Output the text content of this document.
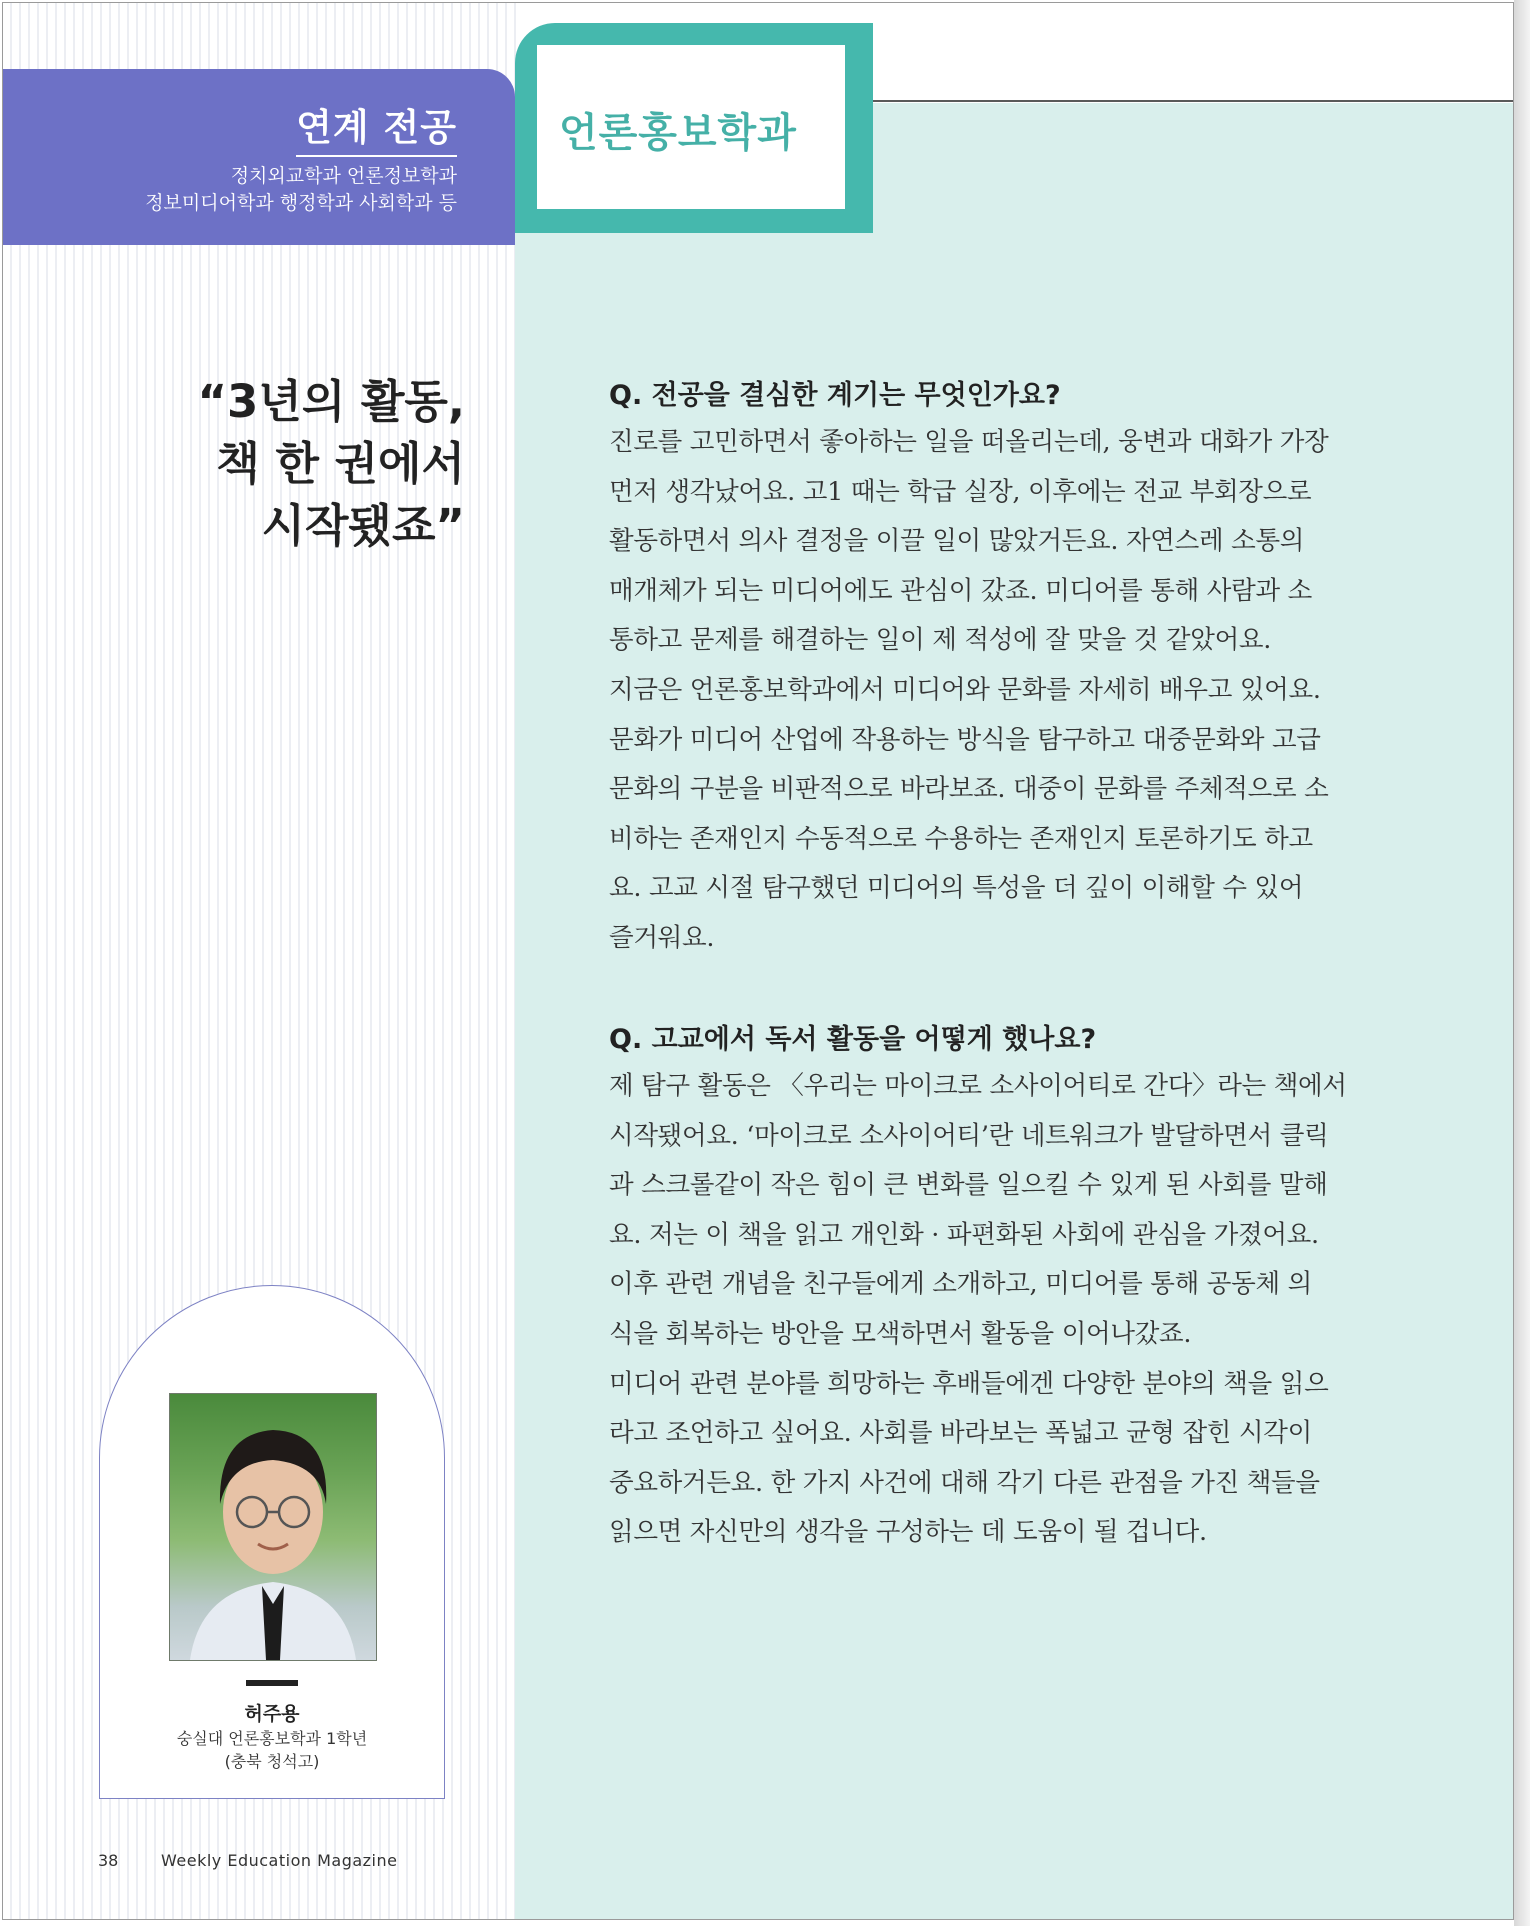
연계 전공
정치외교학과 언론정보학과
정보미디어학과 행정학과 사회학과 등
언론홍보학과
“3년의 활동,
책 한 권에서
시작됐죠”
허주용
숭실대 언론홍보학과 1학년
(충북 청석고)
38	Weekly Education Magazine
Q. 전공을 결심한 계기는 무엇인가요?

진로를 고민하면서 좋아하는 일을 떠올리는데, 웅변과 대화가 가장

먼저 생각났어요. 고1 때는 학급 실장, 이후에는 전교 부회장으로

활동하면서 의사 결정을 이끌 일이 많았거든요. 자연스레 소통의

매개체가 되는 미디어에도 관심이 갔죠. 미디어를 통해 사람과 소

통하고 문제를 해결하는 일이 제 적성에 잘 맞을 것 같았어요.

지금은 언론홍보학과에서 미디어와 문화를 자세히 배우고 있어요.

문화가 미디어 산업에 작용하는 방식을 탐구하고 대중문화와 고급

문화의 구분을 비판적으로 바라보죠. 대중이 문화를 주체적으로 소

비하는 존재인지 수동적으로 수용하는 존재인지 토론하기도 하고

요. 고교 시절 탐구했던 미디어의 특성을 더 깊이 이해할 수 있어

즐거워요.

Q. 고교에서 독서 활동을 어떻게 했나요?

제 탐구 활동은 〈우리는 마이크로 소사이어티로 간다〉라는 책에서

시작됐어요. ‘마이크로 소사이어티’란 네트워크가 발달하면서 클릭

과 스크롤같이 작은 힘이 큰 변화를 일으킬 수 있게 된 사회를 말해

요. 저는 이 책을 읽고 개인화 · 파편화된 사회에 관심을 가졌어요.

이후 관련 개념을 친구들에게 소개하고, 미디어를 통해 공동체 의

식을 회복하는 방안을 모색하면서 활동을 이어나갔죠.

미디어 관련 분야를 희망하는 후배들에겐 다양한 분야의 책을 읽으

라고 조언하고 싶어요. 사회를 바라보는 폭넓고 균형 잡힌 시각이

중요하거든요. 한 가지 사건에 대해 각기 다른 관점을 가진 책들을

읽으면 자신만의 생각을 구성하는 데 도움이 될 겁니다.
